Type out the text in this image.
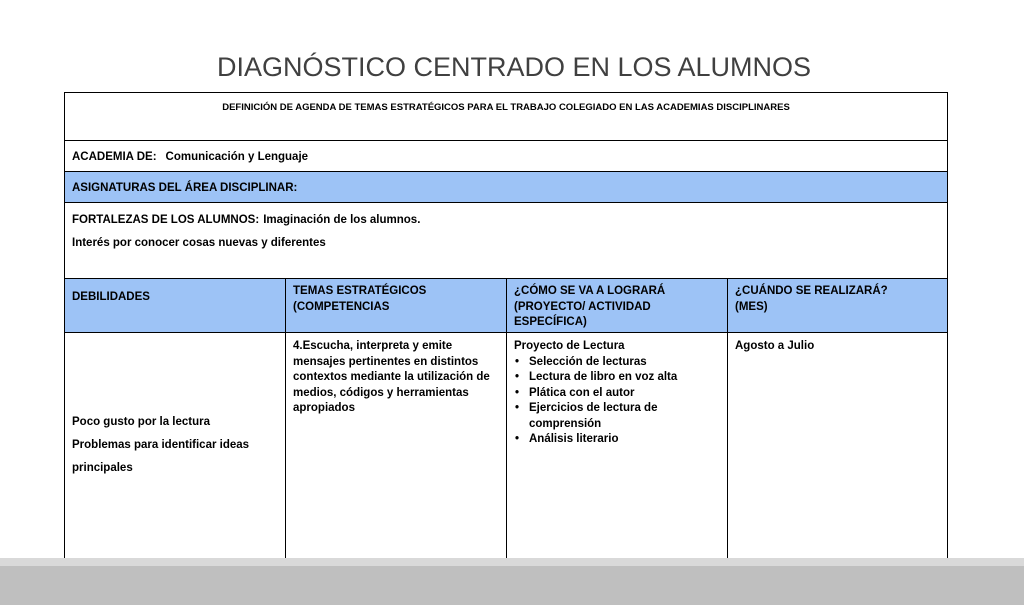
DIAGNÓSTICO CENTRADO EN LOS ALUMNOS
DEFINICIÓN DE AGENDA DE TEMAS ESTRATÉGICOS PARA EL TRABAJO COLEGIADO EN LAS ACADEMIAS DISCIPLINARES
ACADEMIA DE: Comunicación y Lenguaje
ASIGNATURAS DEL ÁREA DISCIPLINAR:
FORTALEZAS DE LOS ALUMNOS: Imaginación de los alumnos.
Interés por conocer cosas nuevas y diferentes
DEBILIDADES	TEMAS ESTRATÉGICOS
(COMPETENCIAS
¿CÓMO SE VA A LOGRARÁ
(PROYECTO/ ACTIVIDAD ESPECÍFICA)
¿CUÁNDO SE REALIZARÁ?
(MES)
Poco gusto por la lectura
Problemas para identificar ideas
principales
4.Escucha, interpreta y emite mensajes pertinentes en distintos contextos mediante la utilización de medios, códigos y herramientas apropiados
Proyecto de Lectura
• Selección de lecturas
• Lectura de libro en voz alta
• Plática con el autor
• Ejercicios de lectura de comprensión
• Análisis literario
Agosto a Julio
